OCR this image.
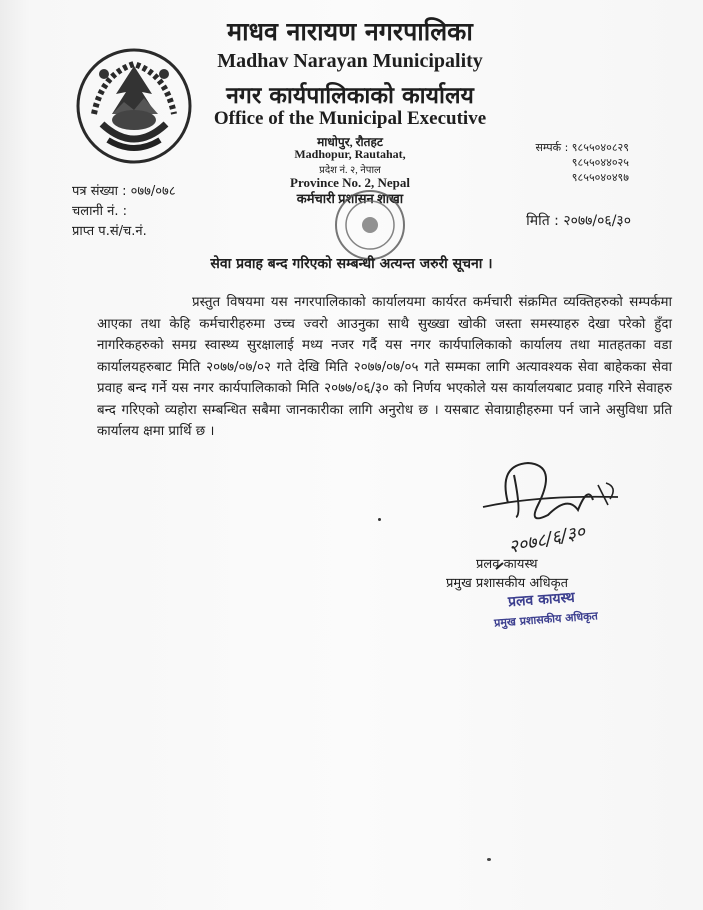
माधव नारायण नगरपालिका
Madhav Narayan Municipality
नगर कार्यपालिकाको कार्यालय
Office of the Municipal Executive
माधोपुर, रौतहट
Madhopur, Rautahat,
प्रदेश नं. २, नेपाल
Province No. 2, Nepal
कर्मचारी प्रशासन शाखा
सम्पर्क : ९८५५०४०८२९
९८५५०४४०२५
९८५५०४०४९७
पत्र संख्या : ०७७/०७८
चलानी नं. :
प्राप्त प.सं/च.नं.
मिति : २०७७/०६/३०
सेवा प्रवाह बन्द गरिएको सम्बन्धी अत्यन्त जरुरी सूचना ।
प्रस्तुत विषयमा यस नगरपालिकाको कार्यालयमा कार्यरत कर्मचारी संक्रमित व्यक्तिहरुको सम्पर्कमा आएका तथा केहि कर्मचारीहरुमा उच्च ज्वरो आउनुका साथै सुख्खा खोकी जस्ता समस्याहरु देखा परेको हुँदा नागरिकहरुको समग्र स्वास्थ्य सुरक्षालाई मध्य नजर गर्दै यस नगर कार्यपालिकाको कार्यालय तथा मातहतका वडा कार्यालयहरुबाट मिति २०७७/०७/०२ गते देखि मिति २०७७/०७/०५ गते सम्मका लागि अत्यावश्यक सेवा बाहेकका सेवा प्रवाह बन्द गर्ने यस नगर कार्यपालिकाको मिति २०७७/०६/३० को निर्णय भएकोले यस कार्यालयबाट प्रवाह गरिने सेवाहरु बन्द गरिएको व्यहोरा सम्बन्धित सबैमा जानकारीका लागि अनुरोध छ । यसबाट सेवाग्राहीहरुमा पर्न जाने असुविधा प्रति कार्यालय क्षमा प्रार्थि छ ।
२०७८/६/३०
प्रलव कायस्थ
प्रमुख प्रशासकीय अधिकृत
प्रलव कायस्थ
प्रमुख प्रशासकीय अधिकृत
